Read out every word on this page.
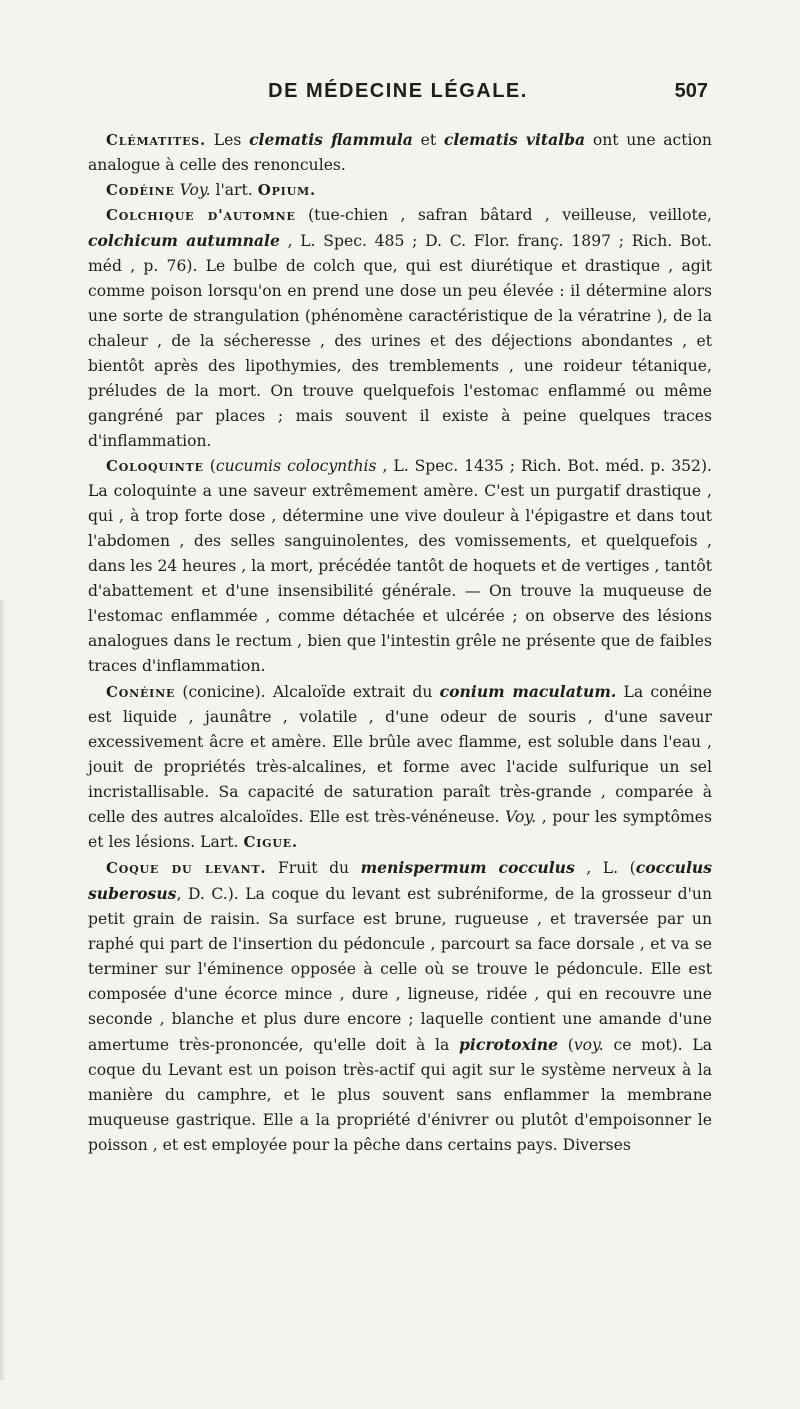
DE MÉDECINE LÉGALE.	507

Clématites. Les clematis flammula et clematis vitalba ont une action analogue à celle des renoncules.

Codéine Voy. l'art. Opium.

Colchique d'automne (tue-chien , safran bâtard , veilleuse, veillote, colchicum autumnale , L. Spec. 485 ; D. C. Flor. franç. 1897 ; Rich. Bot. méd , p. 76). Le bulbe de colch que, qui est diurétique et drastique , agit comme poison lorsqu'on en prend une dose un peu élevée : il détermine alors une sorte de strangulation (phénomène caractéristique de la vératrine ), de la chaleur , de la sécheresse , des urines et des déjections abondantes , et bientôt après des lipothymies, des tremblements , une roideur tétanique, préludes de la mort. On trouve quelquefois l'estomac enflammé ou même gangréné par places ; mais souvent il existe à peine quelques traces d'inflammation.

Coloquinte (cucumis colocynthis , L. Spec. 1435 ; Rich. Bot. méd. p. 352). La coloquinte a une saveur extrêmement amère. C'est un purgatif drastique , qui , à trop forte dose , détermine une vive douleur à l'épigastre et dans tout l'abdomen , des selles sanguinolentes, des vomissements, et quelquefois , dans les 24 heures , la mort, précédée tantôt de hoquets et de vertiges , tantôt d'abattement et d'une insensibilité générale. — On trouve la muqueuse de l'estomac enflammée , comme détachée et ulcérée ; on observe des lésions analogues dans le rectum , bien que l'intestin grêle ne présente que de faibles traces d'inflammation.

Conéine (conicine). Alcaloïde extrait du conium maculatum. La conéine est liquide , jaunâtre , volatile , d'une odeur de souris , d'une saveur excessivement âcre et amère. Elle brûle avec flamme, est soluble dans l'eau , jouit de propriétés très-alcalines, et forme avec l'acide sulfurique un sel incristallisable. Sa capacité de saturation paraît très-grande , comparée à celle des autres alcaloïdes. Elle est très-vénéneuse. Voy. , pour les symptômes et les lésions. Lart. Cigue.

Coque du levant. Fruit du menispermum cocculus , L. (cocculus suberosus, D. C.). La coque du levant est subréniforme, de la grosseur d'un petit grain de raisin. Sa surface est brune, rugueuse , et traversée par un raphé qui part de l'insertion du pédoncule , parcourt sa face dorsale , et va se terminer sur l'éminence opposée à celle où se trouve le pédoncule. Elle est composée d'une écorce mince , dure , ligneuse, ridée , qui en recouvre une seconde , blanche et plus dure encore ; laquelle contient une amande d'une amertume très-prononcée, qu'elle doit à la picrotoxine (voy. ce mot). La coque du Levant est un poison très-actif qui agit sur le système nerveux à la manière du camphre, et le plus souvent sans enflammer la membrane muqueuse gastrique. Elle a la propriété d'énivrer ou plutôt d'empoisonner le poisson , et est employée pour la pêche dans certains pays. Diverses
